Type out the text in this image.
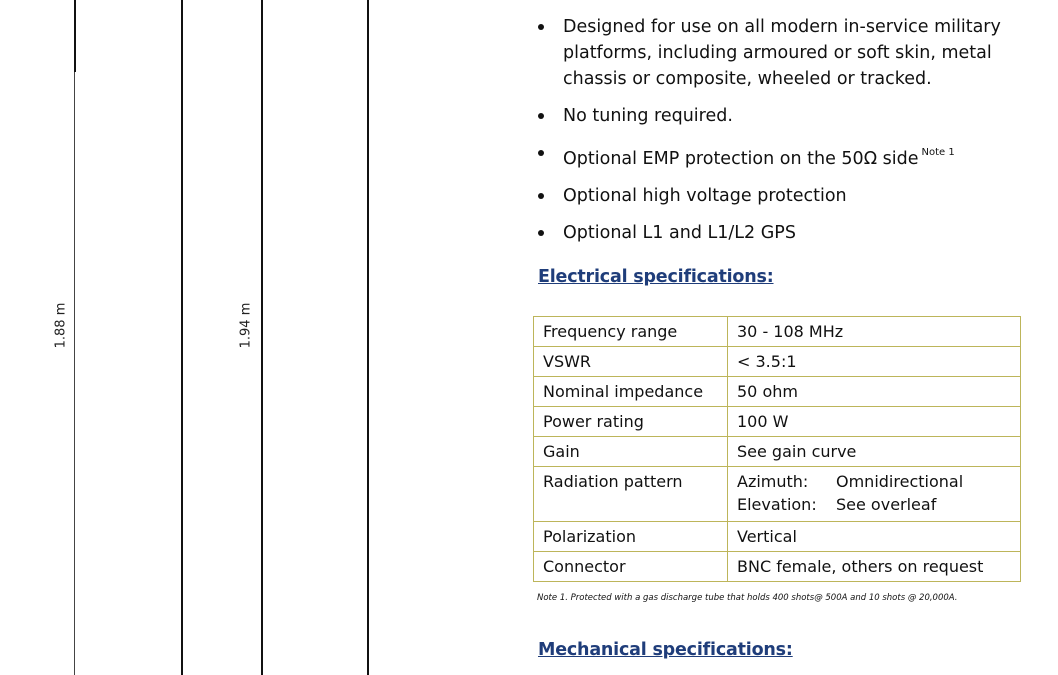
1.88 m	1.94 m
Designed for use on all modern in-service military platforms, including armoured or soft skin, metal chassis or composite, wheeled or tracked.
No tuning required.
Optional EMP protection on the 50Ω side $^{Note 1}$
Optional high voltage protection
Optional L1 and L1/L2 GPS
Electrical specifications:
Frequency range	30 - 108 MHz
VSWR	< 3.5:1
Nominal impedance	50 ohm
Power rating	100 W
Gain	See gain curve
Radiation pattern	Azimuth: Omnidirectional
Elevation: See overleaf

Polarization	Vertical
Connector	BNC female, others on request
Note 1. Protected with a gas discharge tube that holds 400 shots@ 500A and 10 shots @ 20,000A.
Mechanical specifications:
